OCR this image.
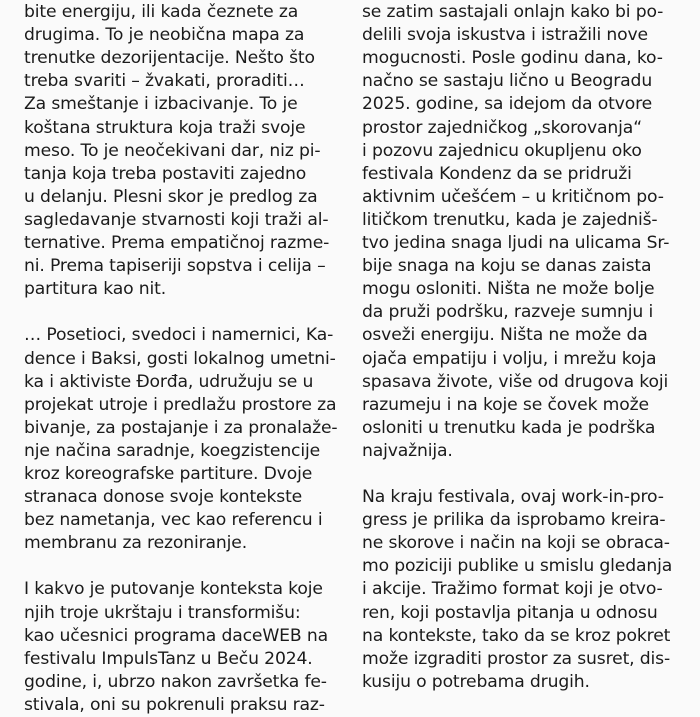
bite energiju, ili kada čeznete za
drugima. To je neobična mapa za
trenutke dezorijentacije. Nešto što
treba svariti – žvakati, proraditi…
Za smeštanje i izbacivanje. To je
koštana struktura koja traži svoje
meso. To je neočekivani dar, niz pi-
tanja koja treba postaviti zajedno
u delanju. Plesni skor je predlog za
sagledavanje stvarnosti koji traži al-
ternative. Prema empatičnoj razme-
ni. Prema tapiseriji sopstva i celija –
partitura kao nit.
… Posetioci, svedoci i namernici, Ka-
dence i Baksi, gosti lokalnog umetni-
ka i aktiviste Đorđa, udružuju se u
projekat utroje i predlažu prostore za
bivanje, za postajanje i za pronalaže-
nje načina saradnje, koegzistencije
kroz koreografske partiture. Dvoje
stranaca donose svoje kontekste
bez nametanja, vec kao referencu i
membranu za rezoniranje.
I kakvo je putovanje konteksta koje
njih troje ukrštaju i transformišu:
kao učesnici programa daceWEB na
festivalu ImpulsTanz u Beču 2024.
godine, i, ubrzo nakon završetka fe-
stivala, oni su pokrenuli praksu raz-
se zatim sastajali onlajn kako bi po-
delili svoja iskustva i istražili nove
mogucnosti. Posle godinu dana, ko-
načno se sastaju lično u Beogradu
2025. godine, sa idejom da otvore
prostor zajedničkog „skorovanja“
i pozovu zajednicu okupljenu oko
festivala Kondenz da se pridruži
aktivnim učešćem – u kritičnom po-
litičkom trenutku, kada je zajedniš-
tvo jedina snaga ljudi na ulicama Sr-
bije snaga na koju se danas zaista
mogu osloniti. Ništa ne može bolje
da pruži podršku, razveje sumnju i
osveži energiju. Ništa ne može da
ojača empatiju i volju, i mrežu koja
spasava živote, više od drugova koji
razumeju i na koje se čovek može
osloniti u trenutku kada je podrška
najvažnija.
Na kraju festivala, ovaj work-in-pro-
gress je prilika da isprobamo kreira-
ne skorove i način na koji se obraca-
mo poziciji publike u smislu gledanja
i akcije. Tražimo format koji je otvo-
ren, koji postavlja pitanja u odnosu
na kontekste, tako da se kroz pokret
može izgraditi prostor za susret, dis-
kusiju o potrebama drugih.
